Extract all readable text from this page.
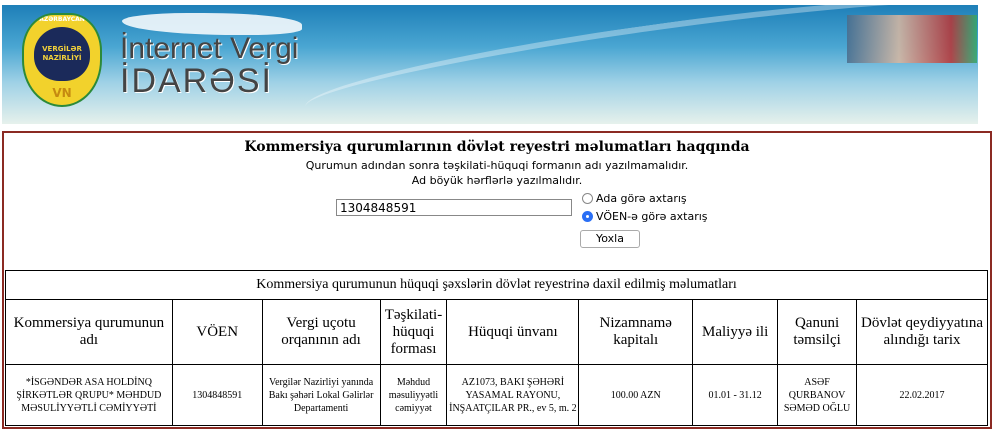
AZƏRBAYCAN
VERGİLƏR NAZİRLİYİ
VN
İnternet Vergi
İDARƏSİ
Kommersiya qurumlarının dövlət reyestri məlumatları haqqında
Qurumun adından sonra təşkilati-hüquqi formanın adı yazılmamalıdır.
Ad böyük hərflərlə yazılmalıdır.
1304848591
Ada görə axtarış
VÖEN-ə görə axtarış
Yoxla
Kommersiya qurumunun hüquqi şəxslərin dövlət reyestrinə daxil edilmiş məlumatları								
Kommersiya qurumunun adı	VÖEN	Vergi uçotu orqanının adı	Təşkilati-hüquqi forması	Hüquqi ünvanı	Nizamnamə kapitalı	Maliyyə ili	Qanuni təmsilçi	Dövlət qeydiyyatına alındığı tarix
*İSGƏNDƏR ASA HOLDİNQ ŞİRKƏTLƏR QRUPU* MƏHDUD MƏSULİYYƏTLİ CƏMİYYƏTİ	1304848591	Vergilər Nazirliyi yanında Bakı şəhəri Lokal Gəlirlər Departamenti	Məhdud məsuliyyətli cəmiyyət	AZ1073, BAKI ŞƏHƏRİ YASAMAL RAYONU, İNŞAATÇILAR PR., ev 5, m. 2	100.00 AZN	01.01 - 31.12	ASƏF QURBANOV SƏMƏD OĞLU	22.02.2017
